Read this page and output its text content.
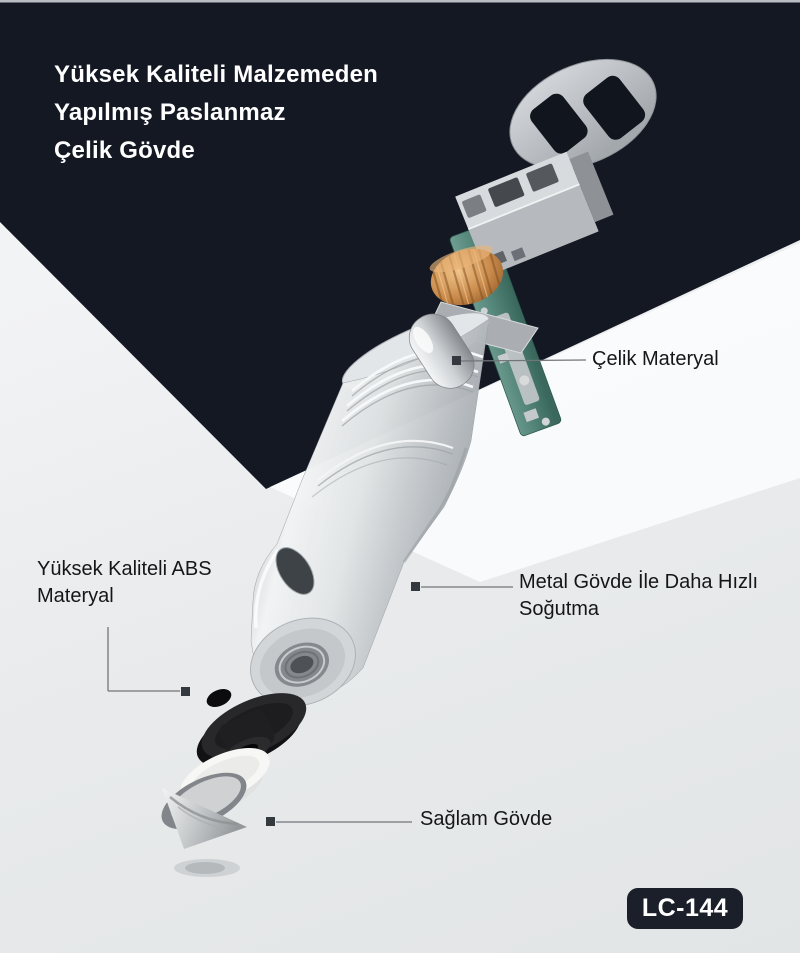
Yüksek Kaliteli Malzemeden
Yapılmış Paslanmaz
Çelik Gövde
Çelik Materyal
Yüksek Kaliteli ABS
Materyal
Metal Gövde İle Daha Hızlı
Soğutma
Sağlam Gövde
LC-144
